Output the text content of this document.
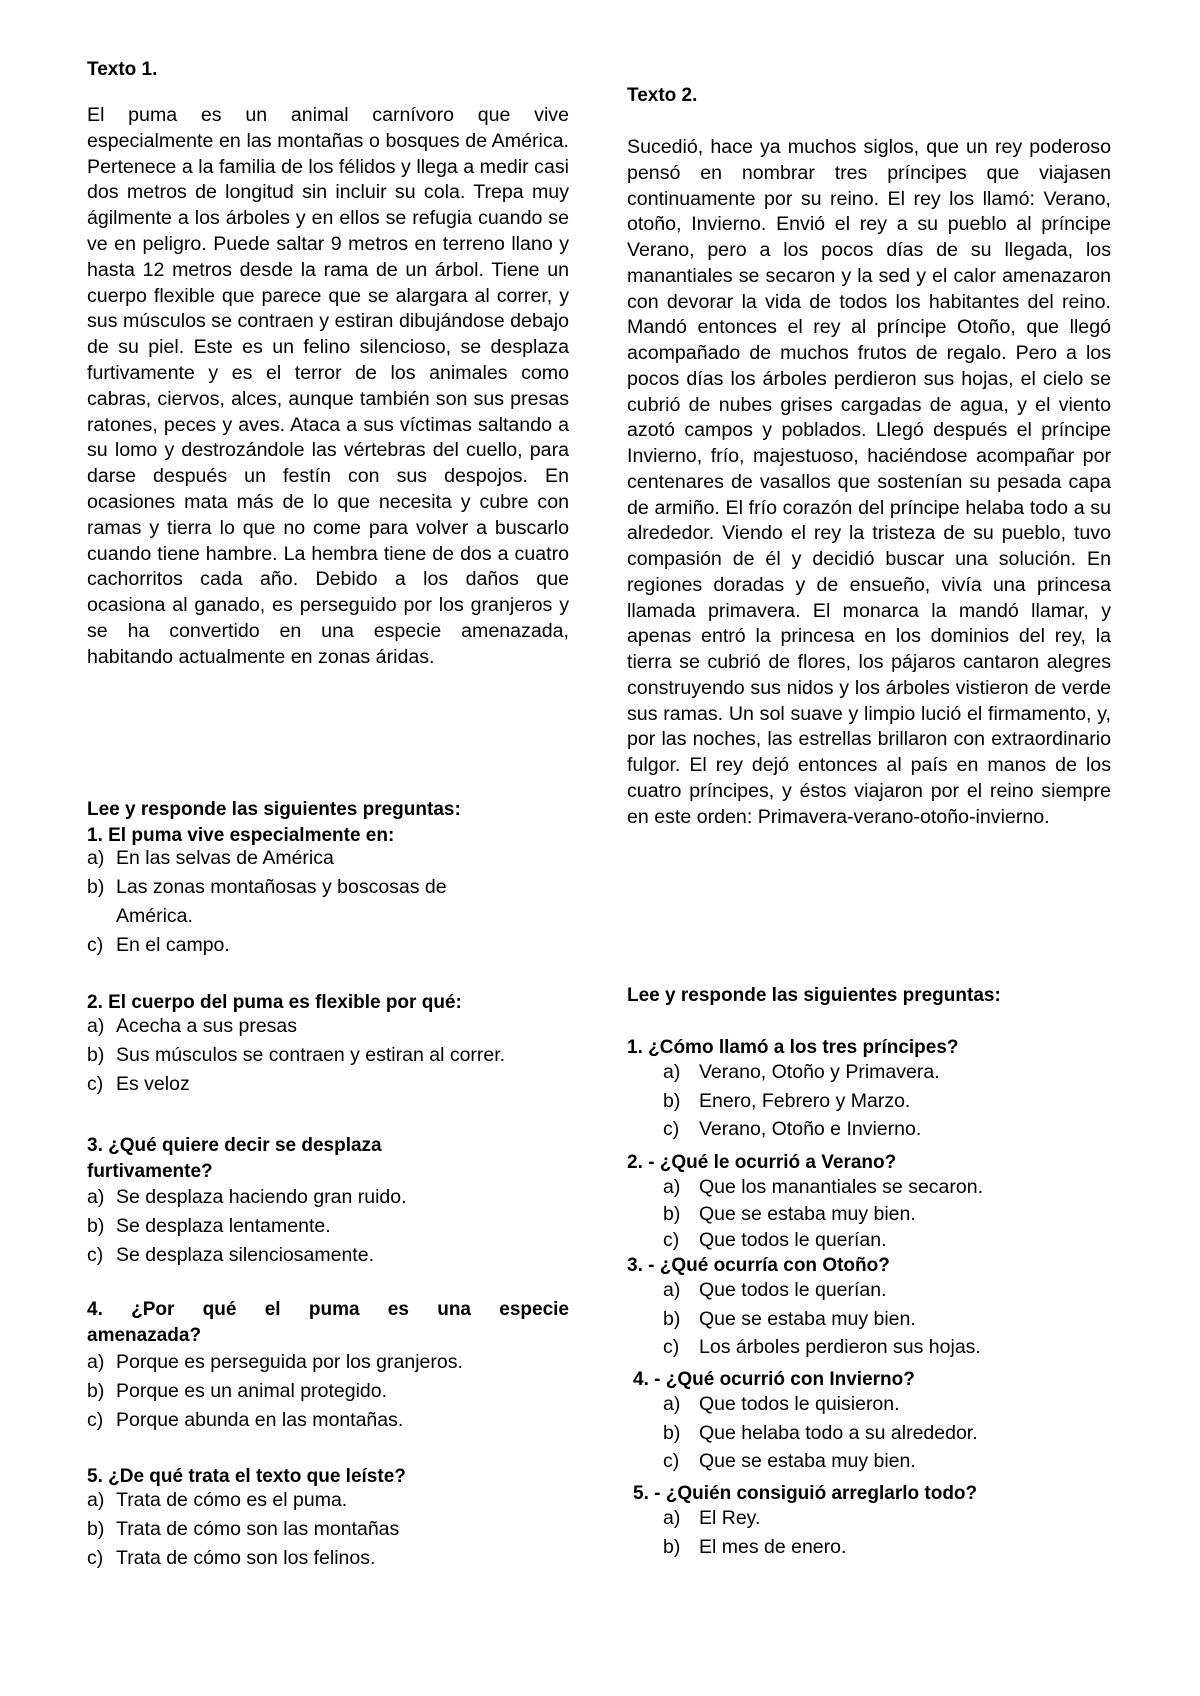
Texto 1.

El puma es un animal carnívoro que vive especialmente en las montañas o bosques de América. Pertenece a la familia de los félidos y llega a medir casi dos metros de longitud sin incluir su cola. Trepa muy ágilmente a los árboles y en ellos se refugia cuando se ve en peligro. Puede saltar 9 metros en terreno llano y hasta 12 metros desde la rama de un árbol. Tiene un cuerpo flexible que parece que se alargara al correr, y sus músculos se contraen y estiran dibujándose debajo de su piel. Este es un felino silencioso, se desplaza furtivamente y es el terror de los animales como cabras, ciervos, alces, aunque también son sus presas ratones, peces y aves. Ataca a sus víctimas saltando a su lomo y destrozándole las vértebras del cuello, para darse después un festín con sus despojos. En ocasiones mata más de lo que necesita y cubre con ramas y tierra lo que no come para volver a buscarlo cuando tiene hambre. La hembra tiene de dos a cuatro cachorritos cada año. Debido a los daños que ocasiona al ganado, es perseguido por los granjeros y se ha convertido en una especie amenazada, habitando actualmente en zonas áridas.

Lee y responde las siguientes preguntas:
1. El puma vive especialmente en:
a) En las selvas de América
b) Las zonas montañosas y boscosas de América.
c) En el campo.
2. El cuerpo del puma es flexible por qué:
a) Acecha a sus presas
b) Sus músculos se contraen y estiran al correr.
c) Es veloz
3. ¿Qué quiere decir se desplaza furtivamente?
a) Se desplaza haciendo gran ruido.
b) Se desplaza lentamente.
c) Se desplaza silenciosamente.
4. ¿Por qué el puma es una especie
amenazada?
a) Porque es perseguida por los granjeros.
b) Porque es un animal protegido.
c) Porque abunda en las montañas.
5. ¿De qué trata el texto que leíste?
a) Trata de cómo es el puma.
b) Trata de cómo son las montañas
c) Trata de cómo son los felinos.
Texto 2.

Sucedió, hace ya muchos siglos, que un rey poderoso pensó en nombrar tres príncipes que viajasen continuamente por su reino. El rey los llamó: Verano, otoño, Invierno. Envió el rey a su pueblo al príncipe Verano, pero a los pocos días de su llegada, los manantiales se secaron y la sed y el calor amenazaron con devorar la vida de todos los habitantes del reino. Mandó entonces el rey al príncipe Otoño, que llegó acompañado de muchos frutos de regalo. Pero a los pocos días los árboles perdieron sus hojas, el cielo se cubrió de nubes grises cargadas de agua, y el viento azotó campos y poblados. Llegó después el príncipe Invierno, frío, majestuoso, haciéndose acompañar por centenares de vasallos que sostenían su pesada capa de armiño. El frío corazón del príncipe helaba todo a su alrededor. Viendo el rey la tristeza de su pueblo, tuvo compasión de él y decidió buscar una solución. En regiones doradas y de ensueño, vivía una princesa llamada primavera. El monarca la mandó llamar, y apenas entró la princesa en los dominios del rey, la tierra se cubrió de flores, los pájaros cantaron alegres construyendo sus nidos y los árboles vistieron de verde sus ramas. Un sol suave y limpio lució el firmamento, y, por las noches, las estrellas brillaron con extraordinario fulgor. El rey dejó entonces al país en manos de los cuatro príncipes, y éstos viajaron por el reino siempre en este orden: Primavera-verano-otoño-invierno.

Lee y responde las siguientes preguntas:
1. ¿Cómo llamó a los tres príncipes?
a) Verano, Otoño y Primavera.
b) Enero, Febrero y Marzo.
c) Verano, Otoño e Invierno.
2. - ¿Qué le ocurrió a Verano?
a) Que los manantiales se secaron.
b) Que se estaba muy bien.
c) Que todos le querían.
3. - ¿Qué ocurría con Otoño?
a) Que todos le querían.
b) Que se estaba muy bien.
c) Los árboles perdieron sus hojas.
4. - ¿Qué ocurrió con Invierno?
a) Que todos le quisieron.
b) Que helaba todo a su alrededor.
c) Que se estaba muy bien.
5. - ¿Quién consiguió arreglarlo todo?
a) El Rey.
b) El mes de enero.
